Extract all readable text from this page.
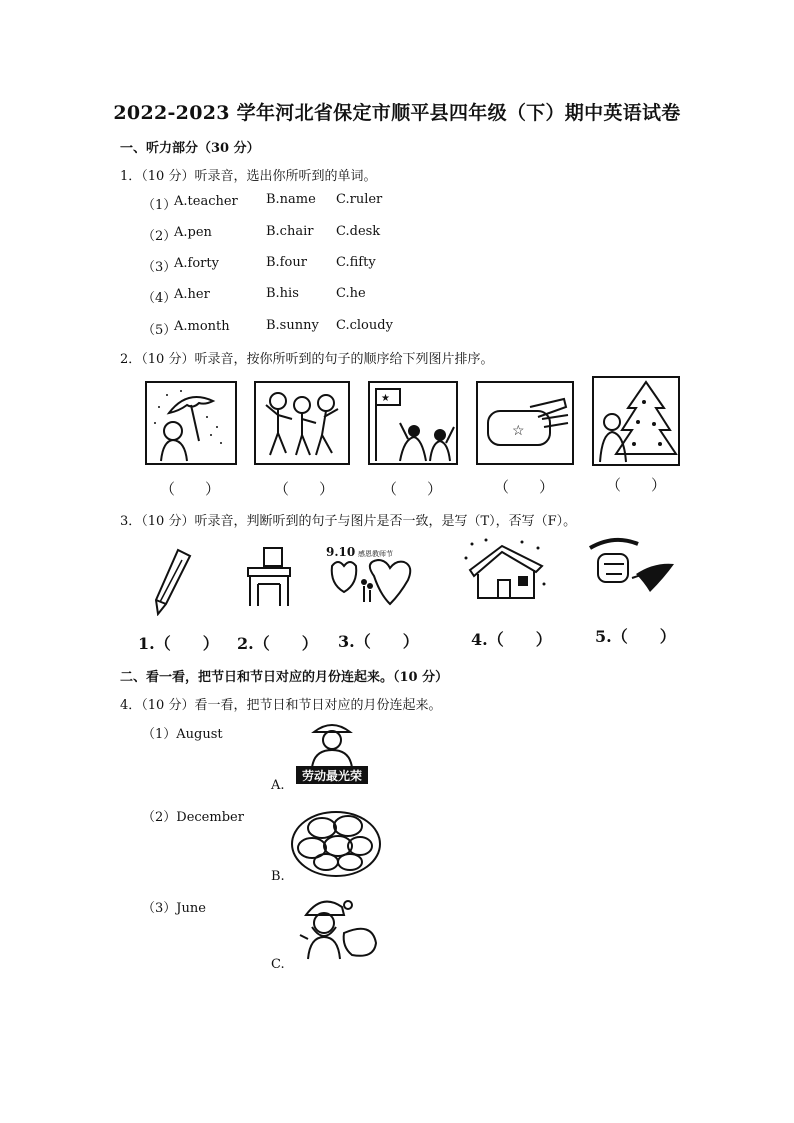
2022-2023 学年河北省保定市顺平县四年级（下）期中英语试卷
一、听力部分（30 分）
1．（10 分）听录音，选出你所听到的单词。
（1）
A.teacher B.name C.ruler
（2）
A.pen	B.chair C.desk
（3）
A.forty	B.four C.fifty
（4）
A.her	B.his	C.he
（5）
A.month	B.sunny C.cloudy
2．（10 分）听录音，按你所听到的句子的顺序给下列图片排序。
★
☆
（　　）	（　　）	（　　）	（　　）	（　　）
3．（10 分）听录音，判断听到的句子与图片是否一致，是写（T），否写（F）。
9.10 感恩教师节
1.（　　） 2.（　　） 3.（　　）	4.（　　）	5.（　　）
二、看一看，把节日和节日对应的月份连起来。（10 分）
4．（10 分）看一看，把节日和节日对应的月份连起来。
（1）August
（2）December
（3）June
A.
B.
C.
劳动最光荣
